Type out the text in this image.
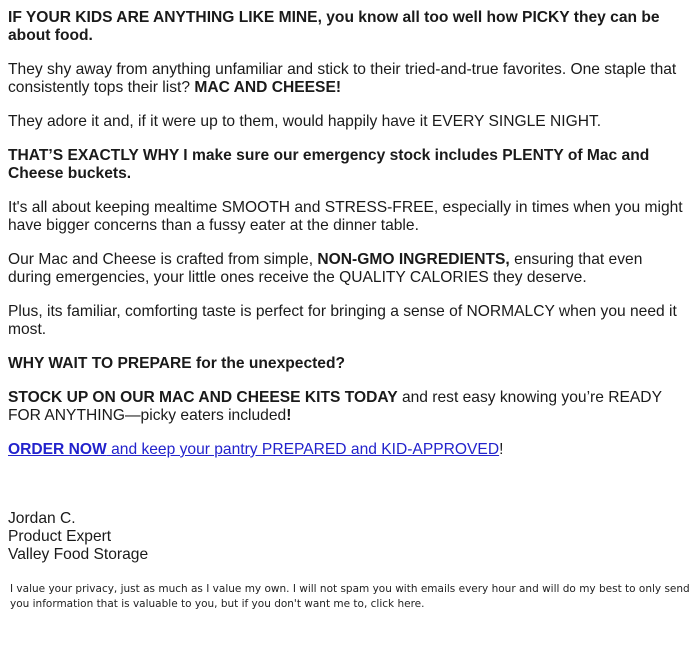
IF YOUR KIDS ARE ANYTHING LIKE MINE, you know all too well how PICKY they can be about food.

They shy away from anything unfamiliar and stick to their tried-and-true favorites. One staple that consistently tops their list? MAC AND CHEESE!

They adore it and, if it were up to them, would happily have it EVERY SINGLE NIGHT.

THAT’S EXACTLY WHY I make sure our emergency stock includes PLENTY of Mac and Cheese buckets.

It's all about keeping mealtime SMOOTH and STRESS-FREE, especially in times when you might have bigger concerns than a fussy eater at the dinner table.

Our Mac and Cheese is crafted from simple, NON-GMO INGREDIENTS, ensuring that even during emergencies, your little ones receive the QUALITY CALORIES they deserve.

Plus, its familiar, comforting taste is perfect for bringing a sense of NORMALCY when you need it most.

WHY WAIT TO PREPARE for the unexpected?

STOCK UP ON OUR MAC AND CHEESE KITS TODAY and rest easy knowing you’re READY FOR ANYTHING—picky eaters included!

ORDER NOW and keep your pantry PREPARED and KID-APPROVED!

Jordan C.
Product Expert
Valley Food Storage
I value your privacy, just as much as I value my own. I will not spam you with emails every hour and will do my best to only send you information that is valuable to you, but if you don't want me to, click here.
